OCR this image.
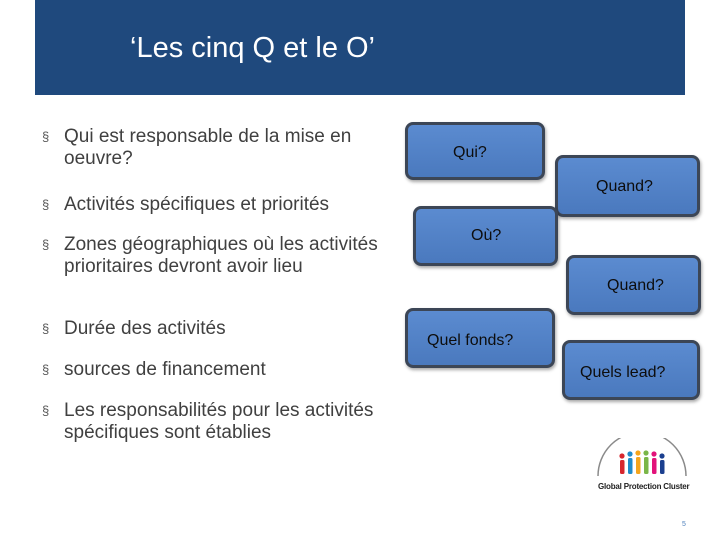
‘Les cinq Q et le O’
§ Qui est responsable de la mise en oeuvre?
§ Activités spécifiques et priorités
§ Zones géographiques où les activités prioritaires devront avoir lieu
§ Durée des activités
§ sources de financement
§ Les responsabilités pour les activités spécifiques sont établies
Qui?
Quand?
Où?
Quand?
Quel fonds?
Quels lead?
Global Protection Cluster
5
